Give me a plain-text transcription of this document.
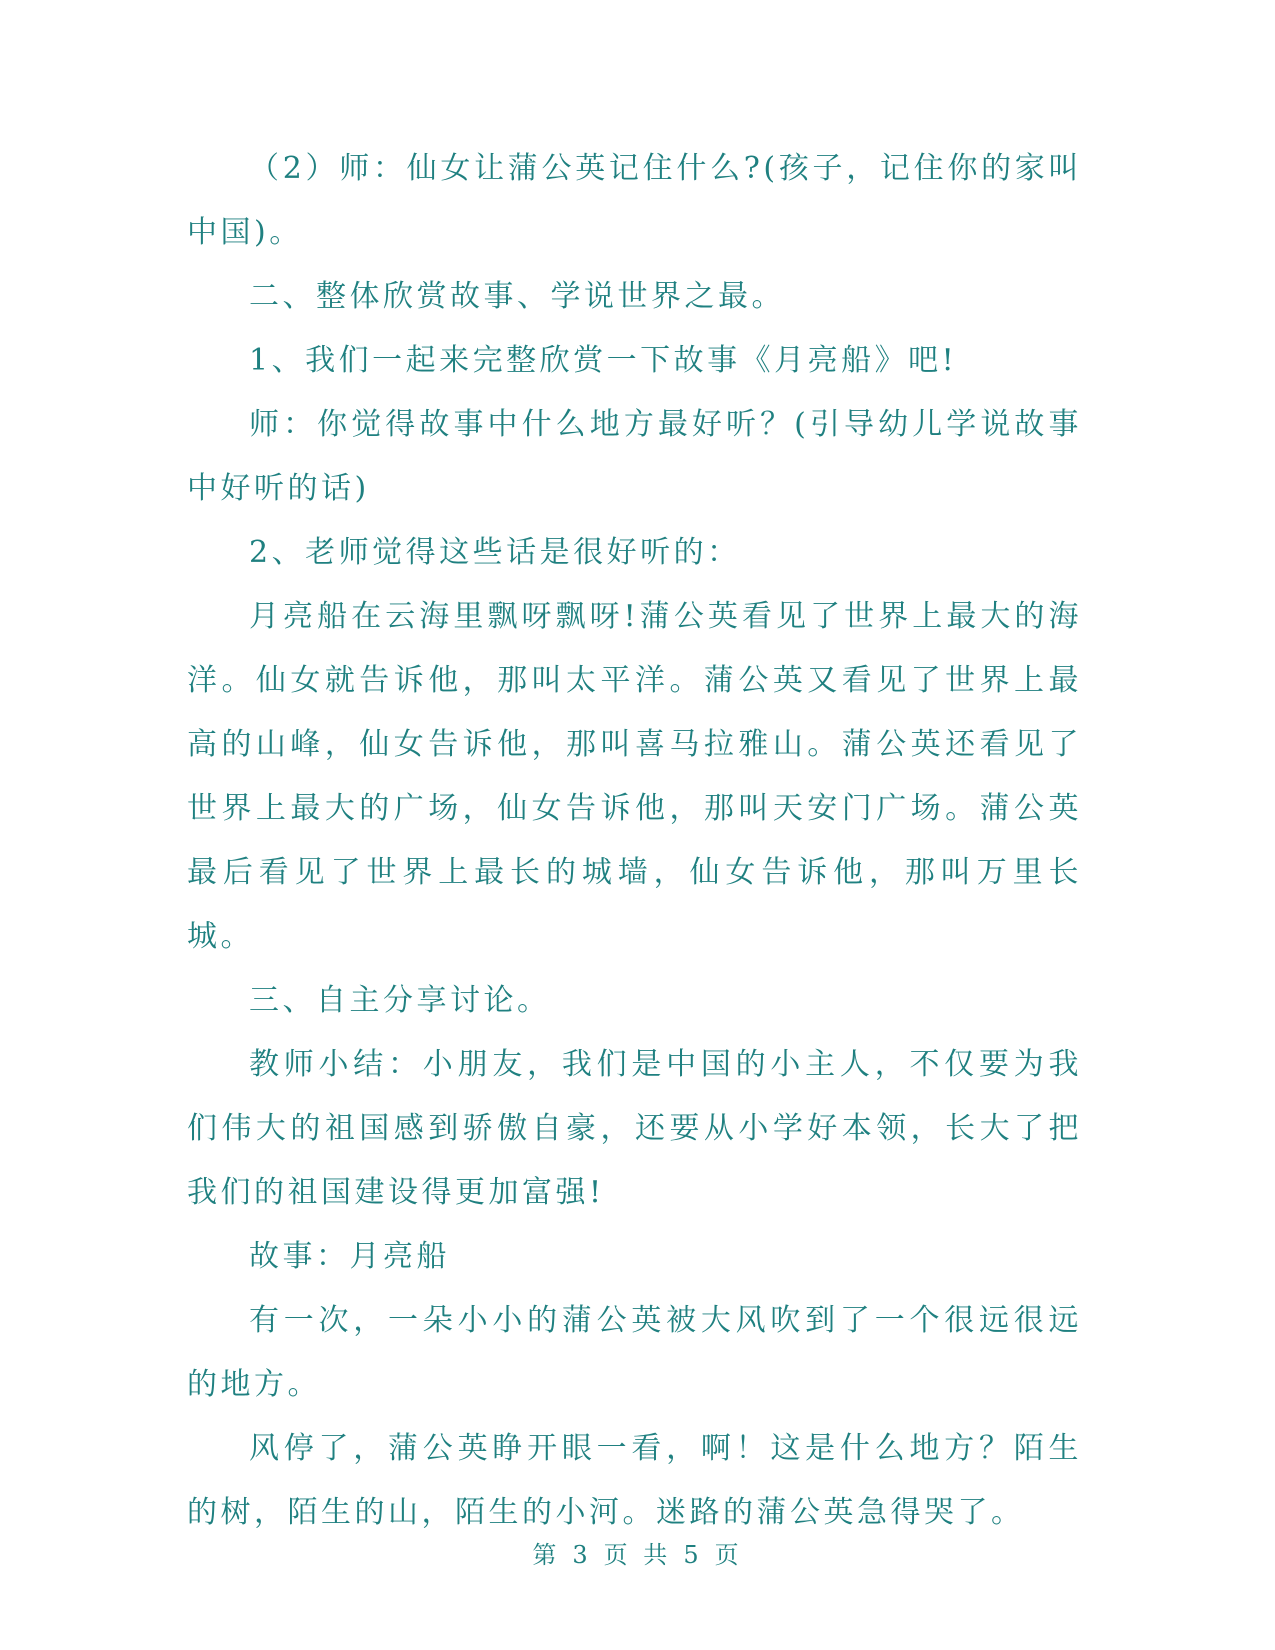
（2）师：仙女让蒲公英记住什么?(孩子，记住你的家叫中国)。

二、整体欣赏故事、学说世界之最。

1、我们一起来完整欣赏一下故事《月亮船》吧!

师：你觉得故事中什么地方最好听？(引导幼儿学说故事中好听的话)

2、老师觉得这些话是很好听的：

月亮船在云海里飘呀飘呀!蒲公英看见了世界上最大的海洋。仙女就告诉他，那叫太平洋。蒲公英又看见了世界上最高的山峰，仙女告诉他，那叫喜马拉雅山。蒲公英还看见了世界上最大的广场，仙女告诉他，那叫天安门广场。蒲公英最后看见了世界上最长的城墙，仙女告诉他，那叫万里长城。

三、自主分享讨论。

教师小结：小朋友，我们是中国的小主人，不仅要为我们伟大的祖国感到骄傲自豪，还要从小学好本领，长大了把我们的祖国建设得更加富强!

故事：月亮船

有一次，一朵小小的蒲公英被大风吹到了一个很远很远的地方。

风停了，蒲公英睁开眼一看，啊！这是什么地方？陌生的树，陌生的山，陌生的小河。迷路的蒲公英急得哭了。

第 3 页 共 5 页
